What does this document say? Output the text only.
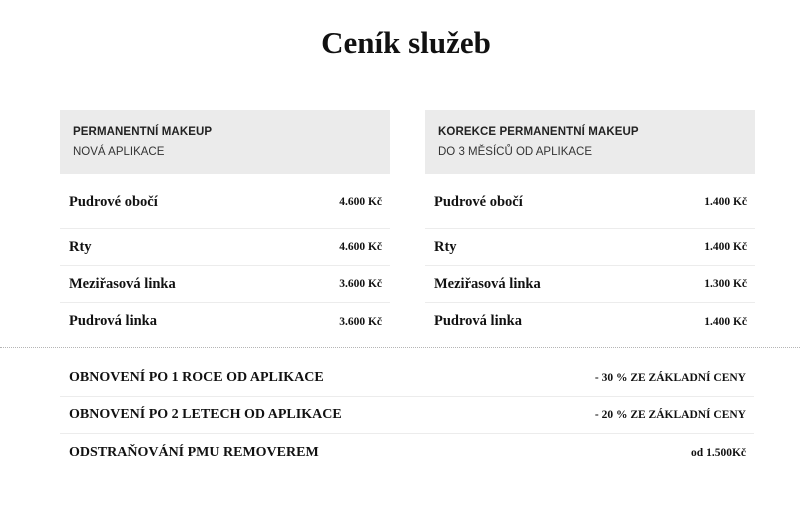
Ceník služeb
PERMANENTNÍ MAKEUP
NOVÁ APLIKACE
Pudrové obočí	4.600 Kč
Rty	4.600 Kč
Meziřasová linka	3.600 Kč
Pudrová linka	3.600 Kč
KOREKCE PERMANENTNÍ MAKEUP
DO 3 MĚSÍCŮ OD APLIKACE
Pudrové obočí	1.400 Kč
Rty	1.400 Kč
Meziřasová linka	1.300 Kč
Pudrová linka	1.400 Kč
OBNOVENÍ PO 1 ROCE OD APLIKACE	- 30 % ZE ZÁKLADNÍ CENY
OBNOVENÍ PO 2 LETECH OD APLIKACE	- 20 % ZE ZÁKLADNÍ CENY
ODSTRAŇOVÁNÍ PMU REMOVEREM	od 1.500Kč
